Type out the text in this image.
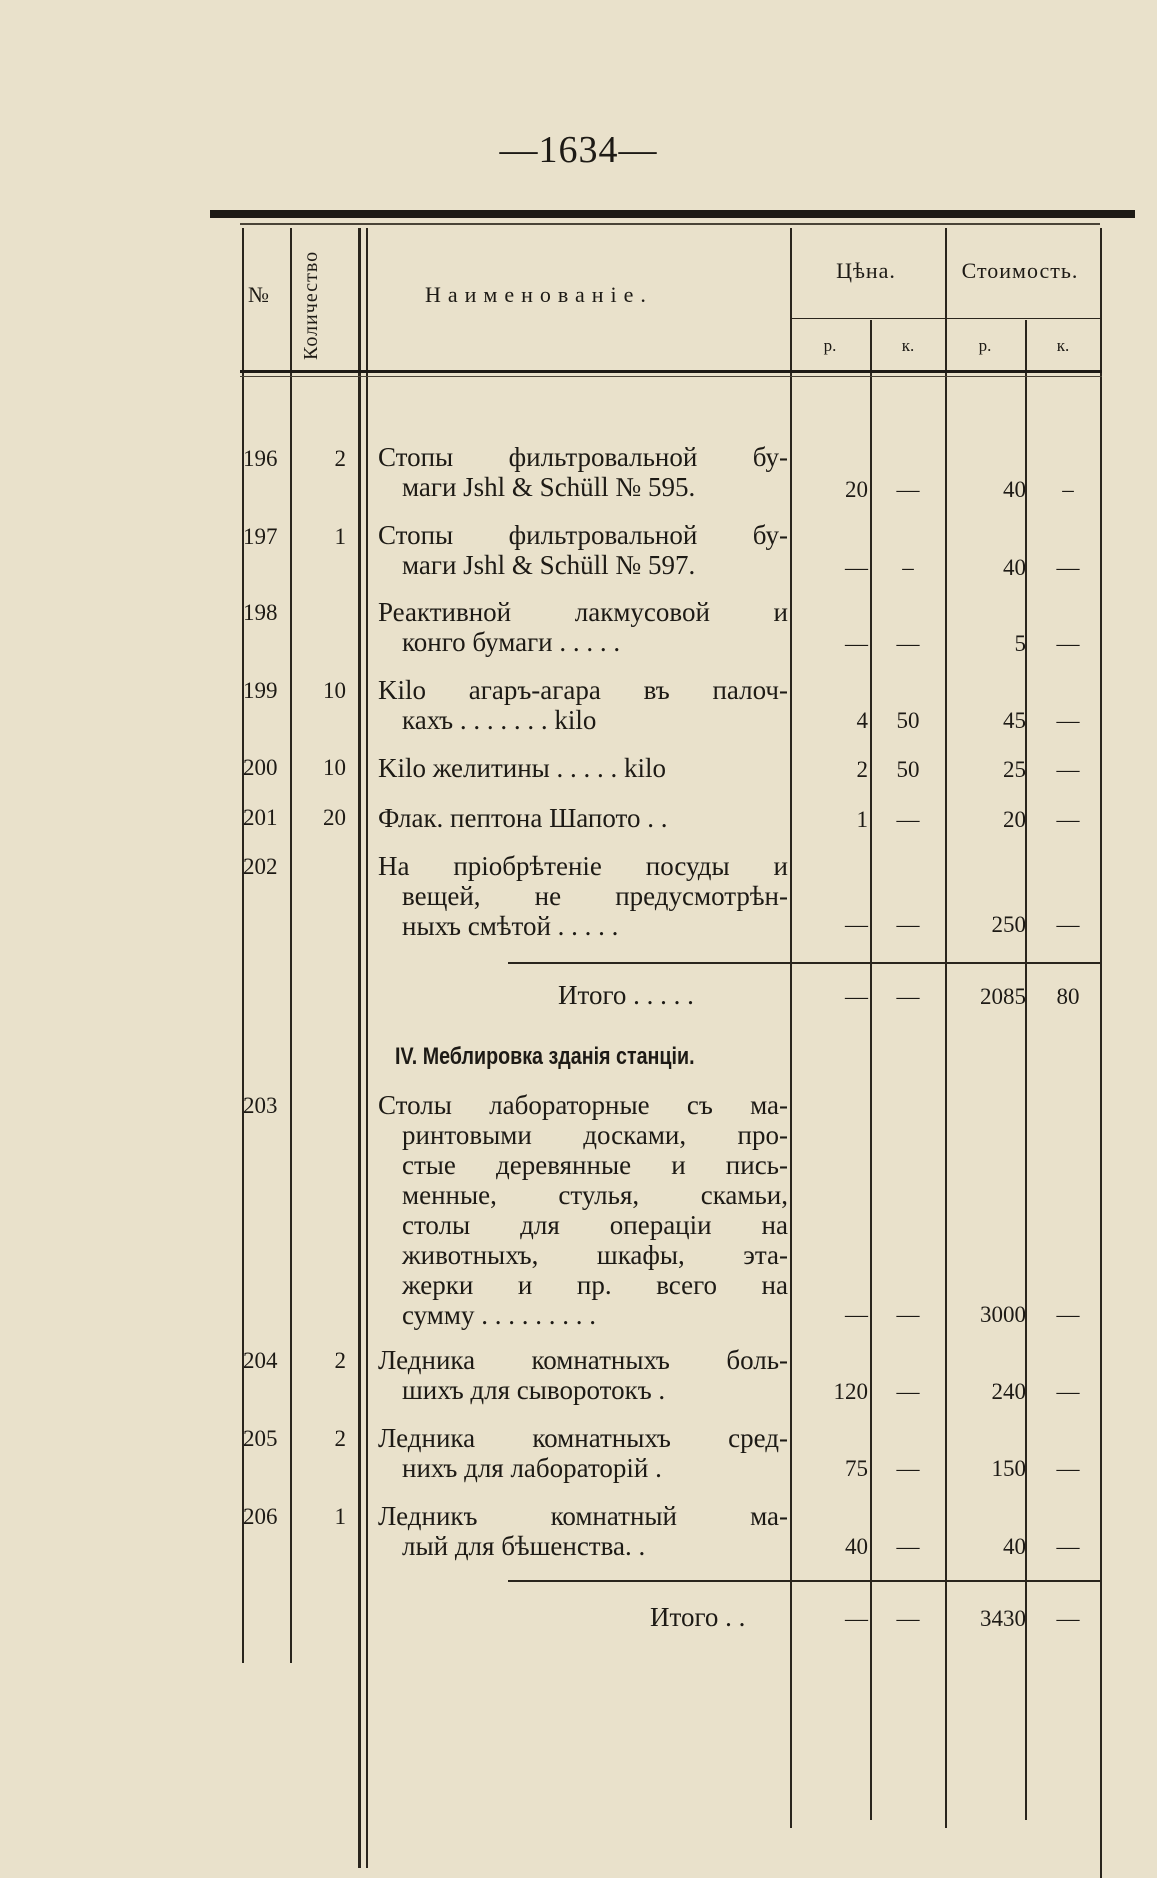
—1634—
№ Количество	Наименованіе.
Цѣна.	Стоимость.
р.	к.	р.	к.
196	2 Стопы фильтровальной бу-
маги Jshl & Schüll № 595.	20	—	40	–
197	1 Стопы фильтровальной бу-
маги Jshl & Schüll № 597.	—	–	40	—
198	Реактивной лакмусовой и
конго бумаги . . . . .	—	—	5	—
199	10 Kilo агаръ-агара въ палоч-
кахъ . . . . . . . kilo	4	50	45	—
200	10 Kilo желитины . . . . . kilo	2	50	25	—
201	20 Флак. пептона Шапото . .	1	—	20	—
202	На пріобрѣтеніе посуды и
вещей, не предусмотрѣн-
ныхъ смѣтой . . . . .	—	—	250	—
Итого . . . . .	—	—	2085	80
IV. Меблировка зданія станціи.
203	Столы лабораторные съ ма-
ринтовыми досками, про-
стые деревянные и пись-
менные, стулья, скамьи,
столы для операціи на
животныхъ, шкафы, эта-
жерки и пр. всего на
сумму . . . . . . . . .	—	—	3000	—
204	2 Ледника комнатныхъ боль-
шихъ для сыворотокъ .	120	—	240	—
205	2 Ледника комнатныхъ сред-
нихъ для лабораторій .	75	—	150	—
206	1 Ледникъ комнатный ма-
лый для бѣшенства. .	40	—	40	—
Итого . .	—	—	3430	—
